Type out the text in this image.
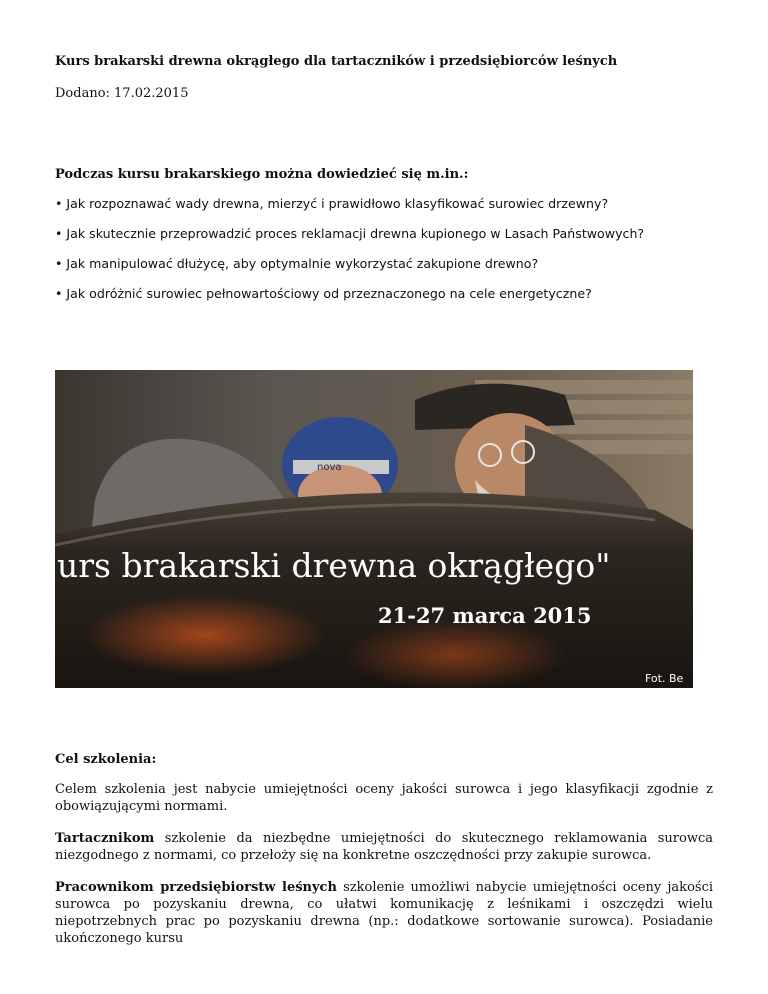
Kurs brakarski drewna okrągłego dla tartaczników i przedsiębiorców leśnych
Dodano: 17.02.2015
Podczas kursu brakarskiego można dowiedzieć się m.in.:
• Jak rozpoznawać wady drewna, mierzyć i prawidłowo klasyfikować surowiec drzewny?
• Jak skutecznie przeprowadzić proces reklamacji drewna kupionego w Lasach Państwowych?
• Jak manipulować dłużycę, aby optymalnie wykorzystać zakupione drewno?
• Jak odróżnić surowiec pełnowartościowy od przeznaczonego na cele energetyczne?
nova
urs brakarski drewna okrągłego"
21-27 marca 2015
Fot. Be
Cel szkolenia:

Celem szkolenia jest nabycie umiejętności oceny jakości surowca i jego klasyfikacji zgodnie z obowiązującymi normami.

Tartacznikom szkolenie da niezbędne umiejętności do skutecznego reklamowania surowca niezgodnego z normami, co przełoży się na konkretne oszczędności przy zakupie surowca.

Pracownikom przedsiębiorstw leśnych szkolenie umożliwi nabycie umiejętności oceny jakości surowca po pozyskaniu drewna, co ułatwi komunikację z leśnikami i oszczędzi wielu niepotrzebnych prac po pozyskaniu drewna (np.: dodatkowe sortowanie surowca). Posiadanie ukończonego kursu
